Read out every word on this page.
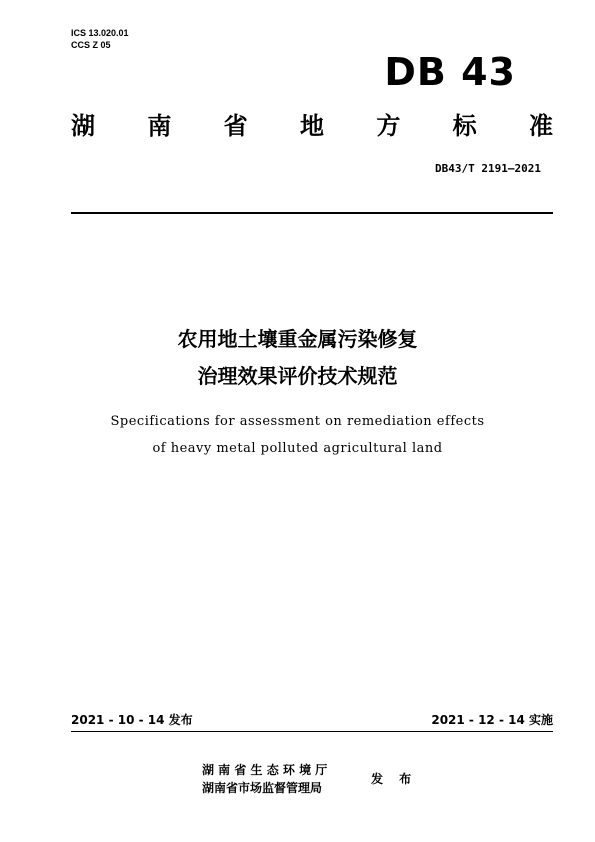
ICS 13.020.01
CCS Z 05
DB 43
湖 南 省 地 方 标 准
DB43/T 2191—2021
农用地土壤重金属污染修复
治理效果评价技术规范
Specifications for assessment on remediation effects
of heavy metal polluted agricultural land
2021 - 10 - 14 发布	2021 - 12 - 14 实施
湖 南 省 生 态 环 境 厅
湖南省市场监督管理局
发 布
